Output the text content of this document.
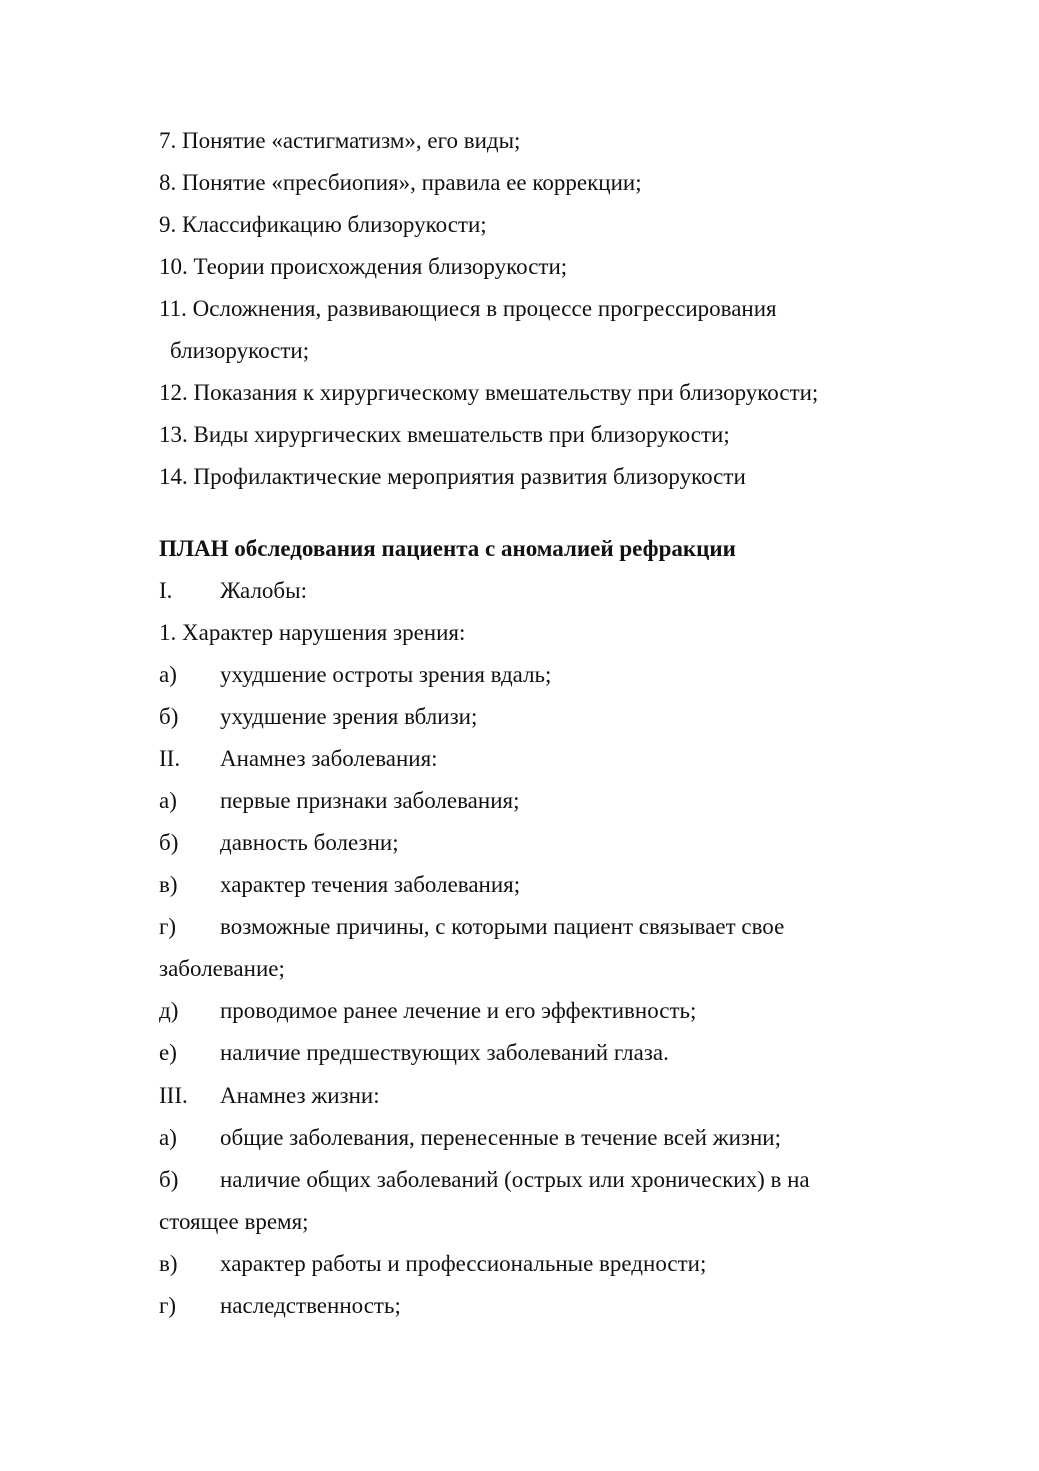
7. Понятие «астигматизм», его виды;
8. Понятие «пресбиопия», правила ее коррекции;
9. Классификацию близорукости;
10. Теории происхождения близорукости;
11. Осложнения, развивающиеся в процессе прогрессирования
близорукости;
12. Показания к хирургическому вмешательству при близорукости;
13. Виды хирургических вмешательств при близорукости;
14. Профилактические мероприятия развития близорукости
ПЛАН обследования пациента с аномалией рефракции
I. Жалобы:
1. Характер нарушения зрения:
а) ухудшение остроты зрения вдаль;
б) ухудшение зрения вблизи;
II. Анамнез заболевания:
а) первые признаки заболевания;
б) давность болезни;
в) характер течения заболевания;
г) возможные причины, с которыми пациент связывает свое
заболевание;
д) проводимое ранее лечение и его эффективность;
е) наличие предшествующих заболеваний глаза.
III. Анамнез жизни:
а) общие заболевания, перенесенные в течение всей жизни;
б) наличие общих заболеваний (острых или хронических) в на
стоящее время;
в) характер работы и профессиональные вредности;
г) наследственность;
